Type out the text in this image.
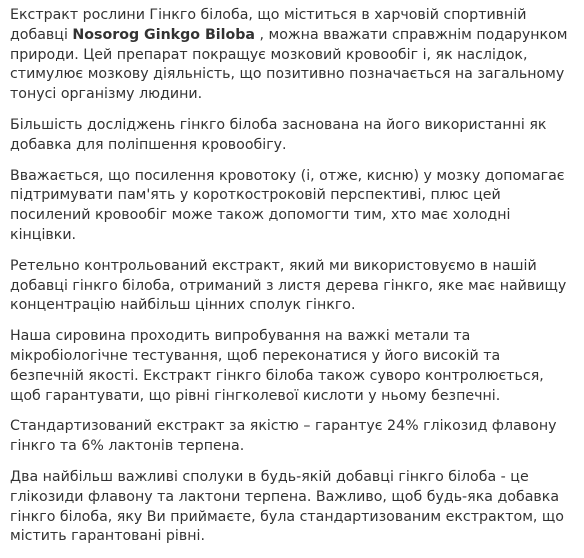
Екстракт рослини Гінкго білоба, що міститься в харчовій спортивній добавці Nosorog Ginkgo Biloba , можна вважати справжнім подарунком природи. Цей препарат покращує мозковий кровообіг і, як наслідок, стимулює мозкову діяльність, що позитивно позначається на загальному тонусі організму людини.

Більшість досліджень гінкго білоба заснована на його використанні як добавка для поліпшення кровообігу.

Вважається, що посилення кровотоку (і, отже, кисню) у мозку допомагає підтримувати пам'ять у короткостроковій перспективі, плюс цей посилений кровообіг може також допомогти тим, хто має холодні кінцівки.

Ретельно контрольований екстракт, який ми використовуємо в нашій добавці гінкго білоба, отриманий з листя дерева гінкго, яке має найвищу концентрацію найбільш цінних сполук гінкго.

Наша сировина проходить випробування на важкі метали та мікробіологічне тестування, щоб переконатися у його високій та безпечній якості. Екстракт гінкго білоба також суворо контролюється, щоб гарантувати, що рівні гінгколевої кислоти у ньому безпечні.

Стандартизований екстракт за якістю – гарантує 24% глікозид флавону гінкго та 6% лактонів терпена.

Два найбільш важливі сполуки в будь-якій добавці гінкго білоба - це глікозиди флавону та лактони терпена. Важливо, щоб будь-яка добавка гінкго білоба, яку Ви приймаєте, була стандартизованим екстрактом, що містить гарантовані рівні.
